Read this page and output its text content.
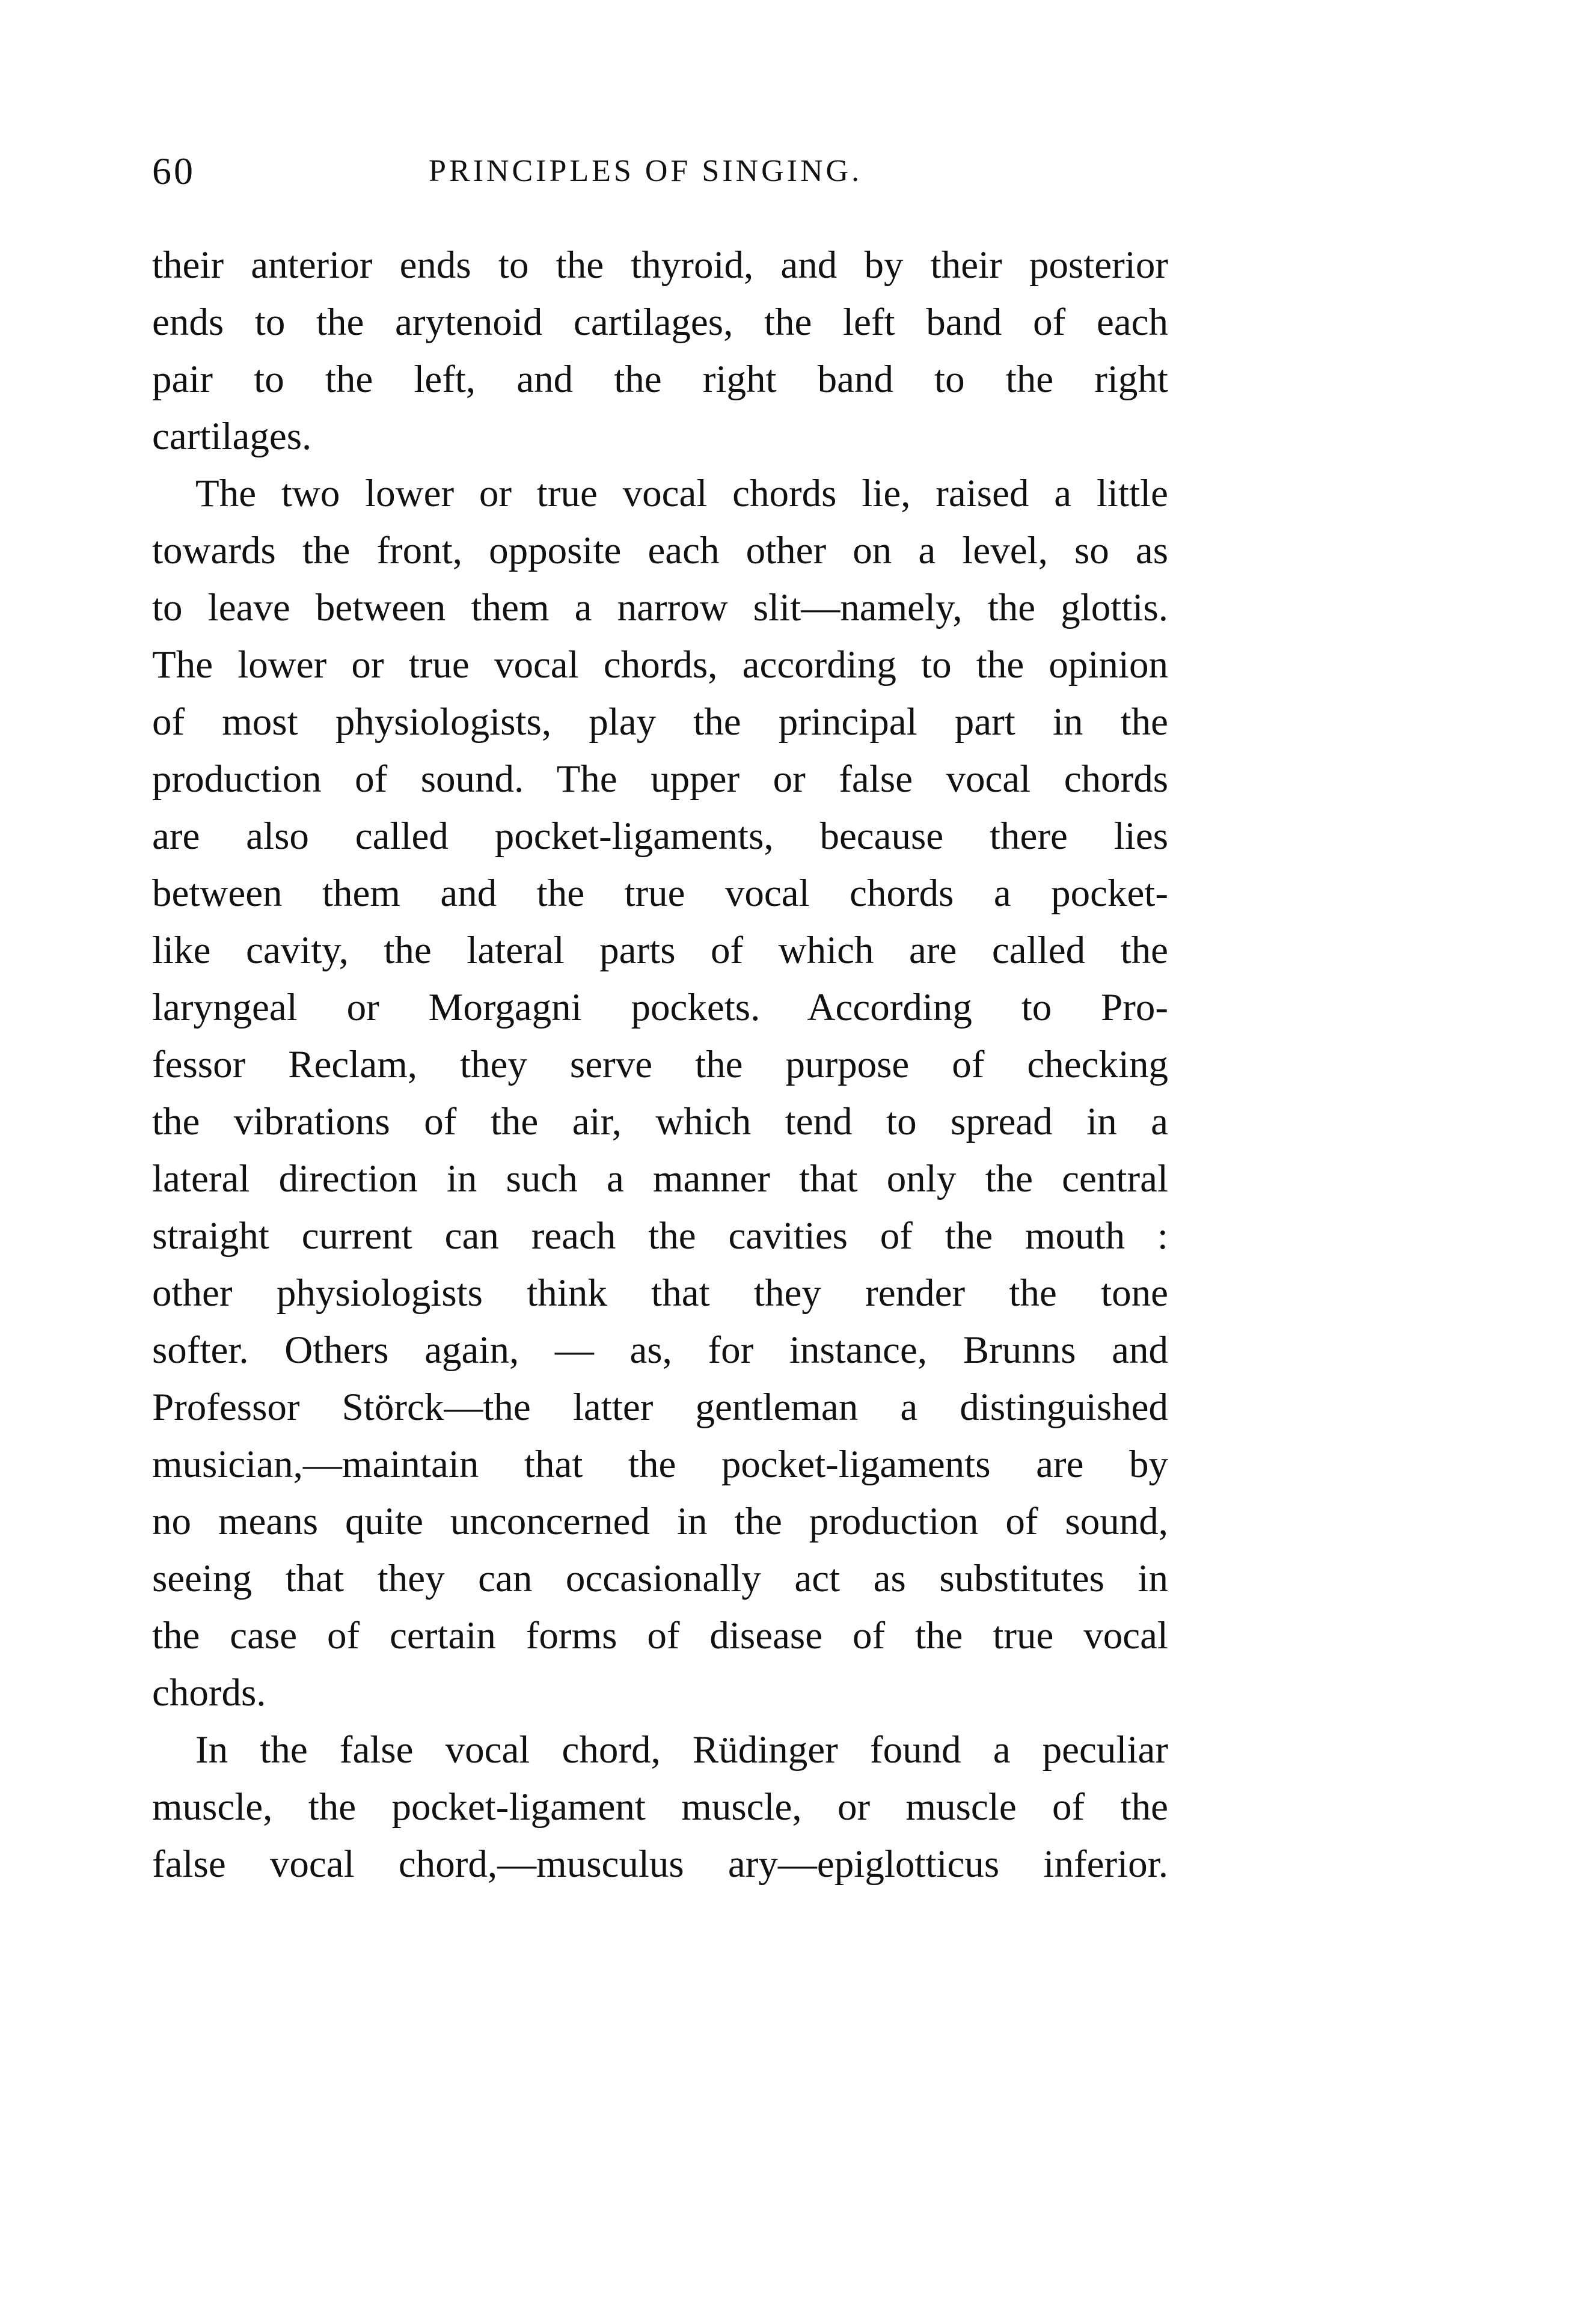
60	PRINCIPLES OF SINGING.
their anterior ends to the thyroid, and by their posterior
ends to the arytenoid cartilages, the left band of each
pair to the left, and the right band to the right
cartilages.
The two lower or true vocal chords lie, raised a little
towards the front, opposite each other on a level, so as
to leave between them a narrow slit—namely, the glottis.
The lower or true vocal chords, according to the opinion
of most physiologists, play the principal part in the
production of sound. The upper or false vocal chords
are also called pocket-ligaments, because there lies
between them and the true vocal chords a pocket-
like cavity, the lateral parts of which are called the
laryngeal or Morgagni pockets. According to Pro-
fessor Reclam, they serve the purpose of checking
the vibrations of the air, which tend to spread in a
lateral direction in such a manner that only the central
straight current can reach the cavities of the mouth :
other physiologists think that they render the tone
softer. Others again, — as, for instance, Brunns and
Professor Störck—the latter gentleman a distinguished
musician,—maintain that the pocket-ligaments are by
no means quite unconcerned in the production of sound,
seeing that they can occasionally act as substitutes in
the case of certain forms of disease of the true vocal
chords.
In the false vocal chord, Rüdinger found a peculiar
muscle, the pocket-ligament muscle, or muscle of the
false vocal chord,—musculus ary—epiglotticus inferior.
